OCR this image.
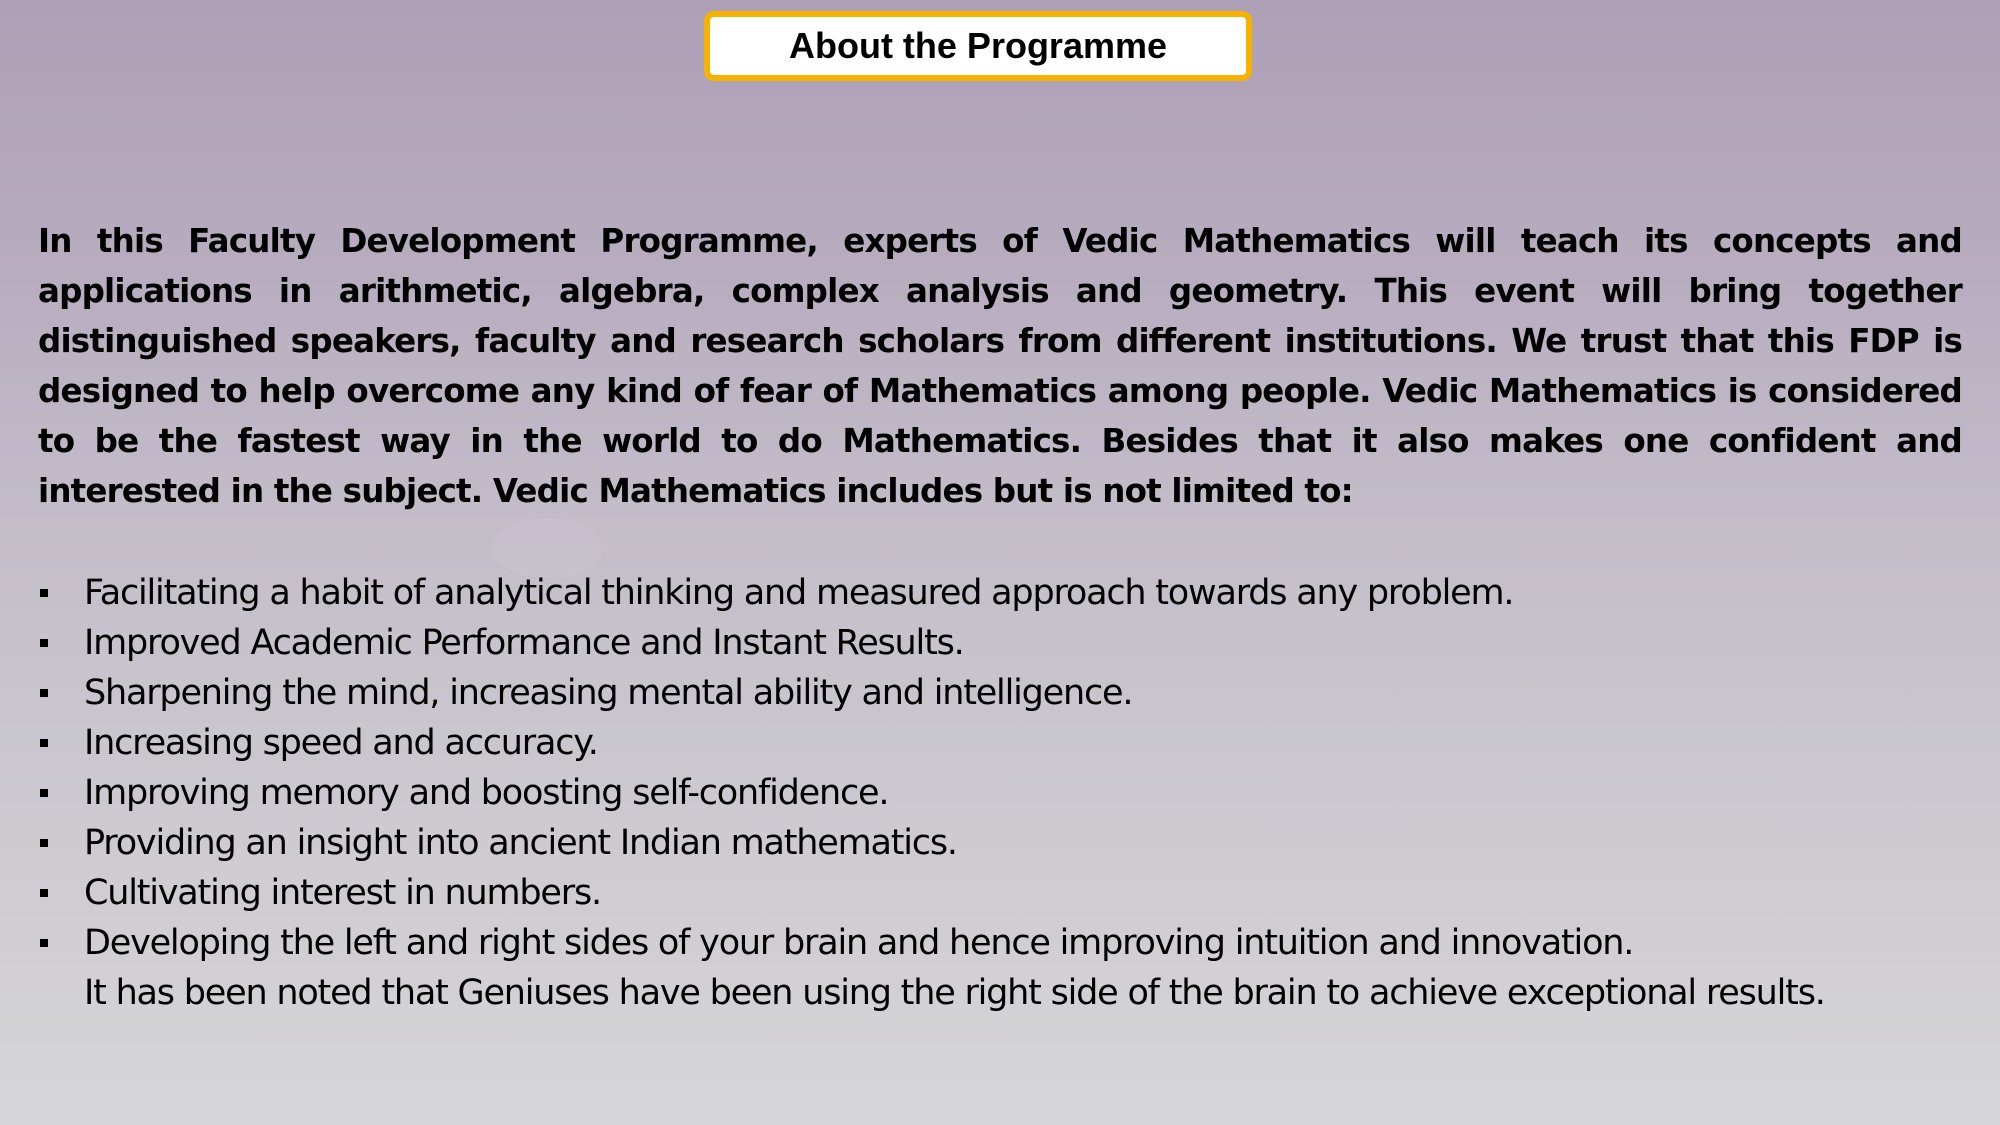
About the Programme

In this Faculty Development Programme, experts of Vedic Mathematics will teach its concepts and applications in arithmetic, algebra, complex analysis and geometry. This event will bring together distinguished speakers, faculty and research scholars from different institutions. We trust that this FDP is designed to help overcome any kind of fear of Mathematics among people. Vedic Mathematics is considered to be the fastest way in the world to do Mathematics. Besides that it also makes one confident and interested in the subject. Vedic Mathematics includes but is not limited to:

Facilitating a habit of analytical thinking and measured approach towards any problem.
Improved Academic Performance and Instant Results.
Sharpening the mind, increasing mental ability and intelligence.
Increasing speed and accuracy.
Improving memory and boosting self-confidence.
Providing an insight into ancient Indian mathematics.
Cultivating interest in numbers.
Developing the left and right sides of your brain and hence improving intuition and innovation.
It has been noted that Geniuses have been using the right side of the brain to achieve exceptional results.
